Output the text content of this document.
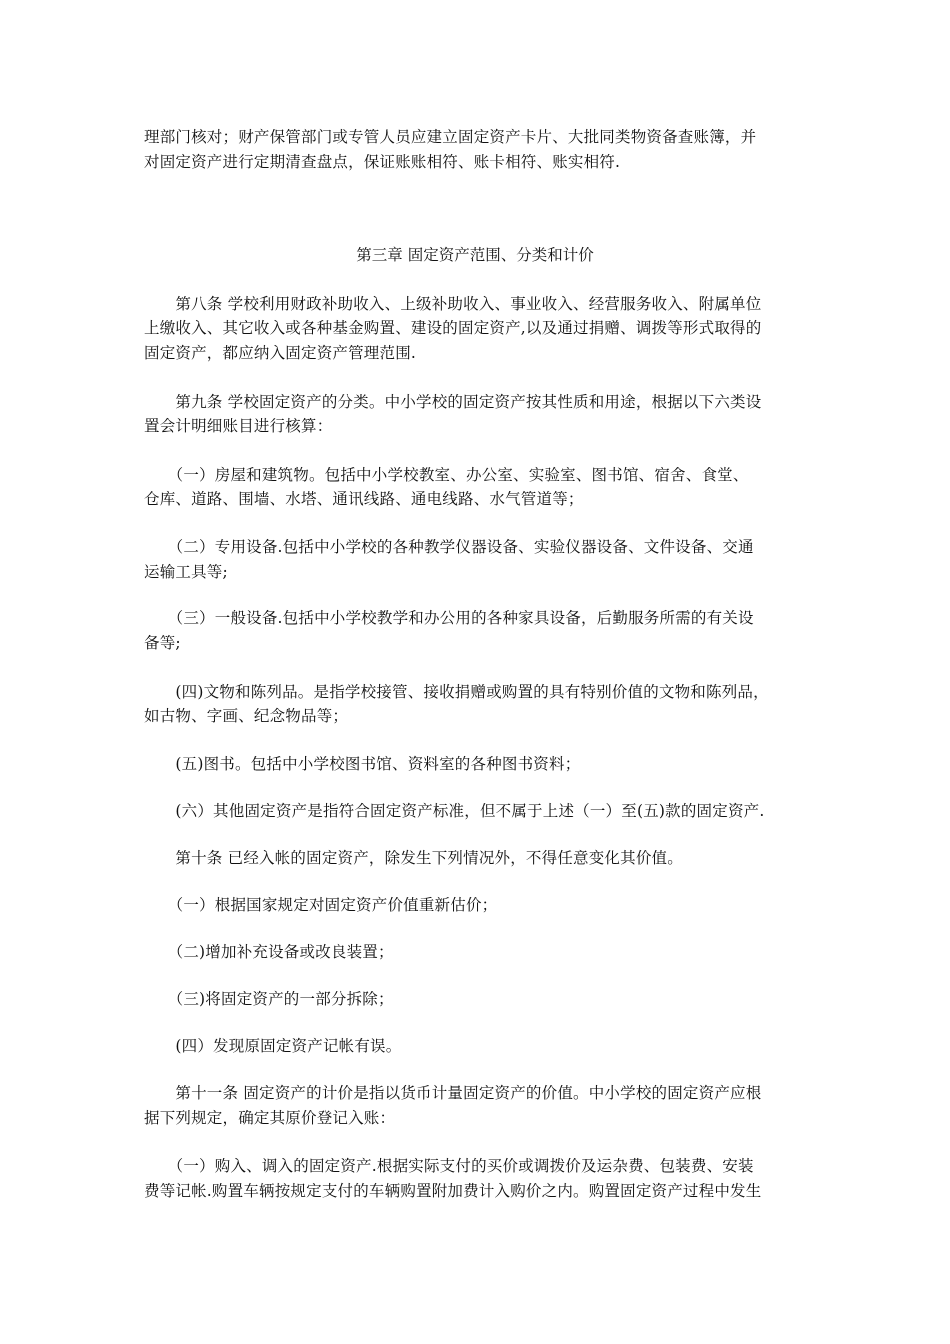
理部门核对；财产保管部门或专管人员应建立固定资产卡片、大批同类物资备查账簿，并
对固定资产进行定期清查盘点，保证账账相符、账卡相符、账实相符.
第三章 固定资产范围、分类和计价
　　第八条 学校利用财政补助收入、上级补助收入、事业收入、经营服务收入、附属单位
上缴收入、其它收入或各种基金购置、建设的固定资产,以及通过捐赠、调拨等形式取得的
固定资产，都应纳入固定资产管理范围.
　　第九条 学校固定资产的分类。中小学校的固定资产按其性质和用途，根据以下六类设
置会计明细账目进行核算：
　　（一）房屋和建筑物。包括中小学校教室、办公室、实验室、图书馆、宿舍、食堂、
仓库、道路、围墙、水塔、通讯线路、通电线路、水气管道等；
　　（二）专用设备.包括中小学校的各种教学仪器设备、实验仪器设备、文件设备、交通
运输工具等;
　　（三）一般设备.包括中小学校教学和办公用的各种家具设备，后勤服务所需的有关设
备等;
　　(四)文物和陈列品。是指学校接管、接收捐赠或购置的具有特别价值的文物和陈列品，
如古物、字画、纪念物品等；
　　(五)图书。包括中小学校图书馆、资料室的各种图书资料；
　　(六）其他固定资产是指符合固定资产标准，但不属于上述（一）至(五)款的固定资产.
　　第十条 已经入帐的固定资产，除发生下列情况外，不得任意变化其价值。
　　（一）根据国家规定对固定资产价值重新估价；
　　（二)增加补充设备或改良装置；
　　（三)将固定资产的一部分拆除；
　　(四）发现原固定资产记帐有误。
　　第十一条 固定资产的计价是指以货币计量固定资产的价值。中小学校的固定资产应根
据下列规定，确定其原价登记入账：
　　（一）购入、调入的固定资产.根据实际支付的买价或调拨价及运杂费、包装费、安装
费等记帐.购置车辆按规定支付的车辆购置附加费计入购价之内。购置固定资产过程中发生
